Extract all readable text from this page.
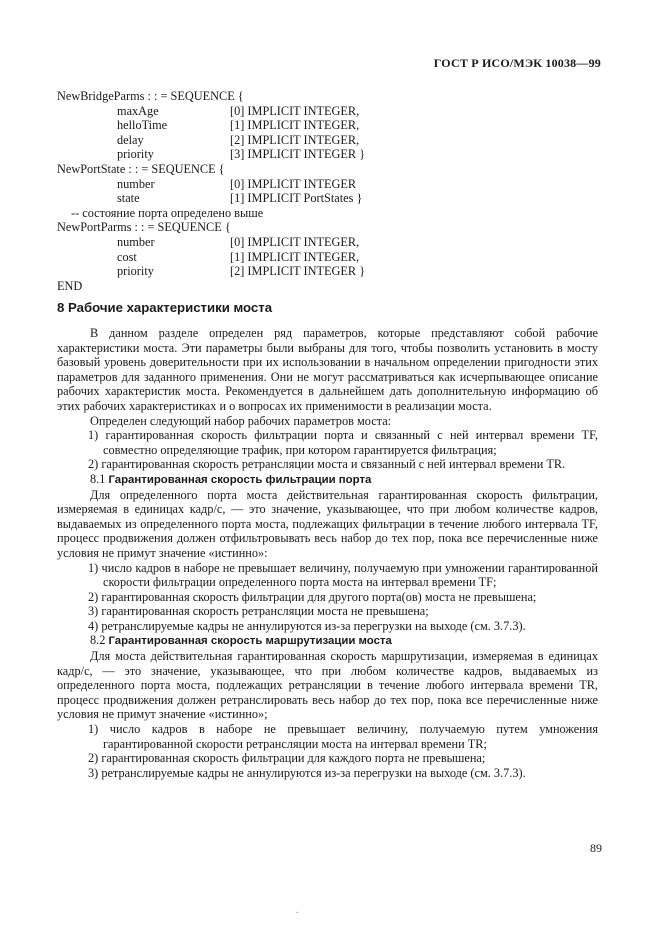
ГОСТ Р ИСО/МЭК 10038—99
NewBridgeParms : : = SEQUENCE {
maxAge	[0] IMPLICIT INTEGER,
helloTime	[1] IMPLICIT INTEGER,
delay	[2] IMPLICIT INTEGER,
priority	[3] IMPLICIT INTEGER }
NewPortState : : = SEQUENCE {
number	[0] IMPLICIT INTEGER
state	[1] IMPLICIT PortStates }
-- состояние порта определено выше
NewPortParms : : = SEQUENCE {
number	[0] IMPLICIT INTEGER,
cost	[1] IMPLICIT INTEGER,
priority	[2] IMPLICIT INTEGER }
END
8 Рабочие характеристики моста

В данном разделе определен ряд параметров, которые представляют собой рабочие характеристики моста. Эти параметры были выбраны для того, чтобы позволить установить в мосту базовый уровень доверительности при их использовании в начальном определении пригодности этих параметров для заданного применения. Они не могут рассматриваться как исчерпывающее описание рабочих характеристик моста. Рекомендуется в дальнейшем дать дополнительную информацию об этих рабочих характеристиках и о вопросах их применимости в реализации моста.

Определен следующий набор рабочих параметров моста:

1) гарантированная скорость фильтрации порта и связанный с ней интервал времени TF, совместно определяющие трафик, при котором гарантируется фильтрация;

2) гарантированная скорость ретрансляции моста и связанный с ней интервал времени TR.

8.1 Гарантированная скорость фильтрации порта

Для определенного порта моста действительная гарантированная скорость фильтрации, измеряемая в единицах кадр/с, — это значение, указывающее, что при любом количестве кадров, выдаваемых из определенного порта моста, подлежащих фильтрации в течение любого интервала TF, процесс продвижения должен отфильтровывать весь набор до тех пор, пока все перечисленные ниже условия не примут значение «истинно»:

1) число кадров в наборе не превышает величину, получаемую при умножении гарантированной скорости фильтрации определенного порта моста на интервал времени TF;

2) гарантированная скорость фильтрации для другого порта(ов) моста не превышена;

3) гарантированная скорость ретрансляции моста не превышена;

4) ретранслируемые кадры не аннулируются из-за перегрузки на выходе (см. 3.7.3).

8.2 Гарантированная скорость маршрутизации моста

Для моста действительная гарантированная скорость маршрутизации, измеряемая в единицах кадр/с, — это значение, указывающее, что при любом количестве кадров, выдаваемых из определенного порта моста, подлежащих ретрансляции в течение любого интервала времени TR, процесс продвижения должен ретранслировать весь набор до тех пор, пока все перечисленные ниже условия не примут значение «истинно»;

1) число кадров в наборе не превышает величину, получаемую путем умножения гарантированной скорости ретрансляции моста на интервал времени TR;

2) гарантированная скорость фильтрации для каждого порта не превышена;

3) ретранслируемые кадры не аннулируются из-за перегрузки на выходе (см. 3.7.3).

89
.
